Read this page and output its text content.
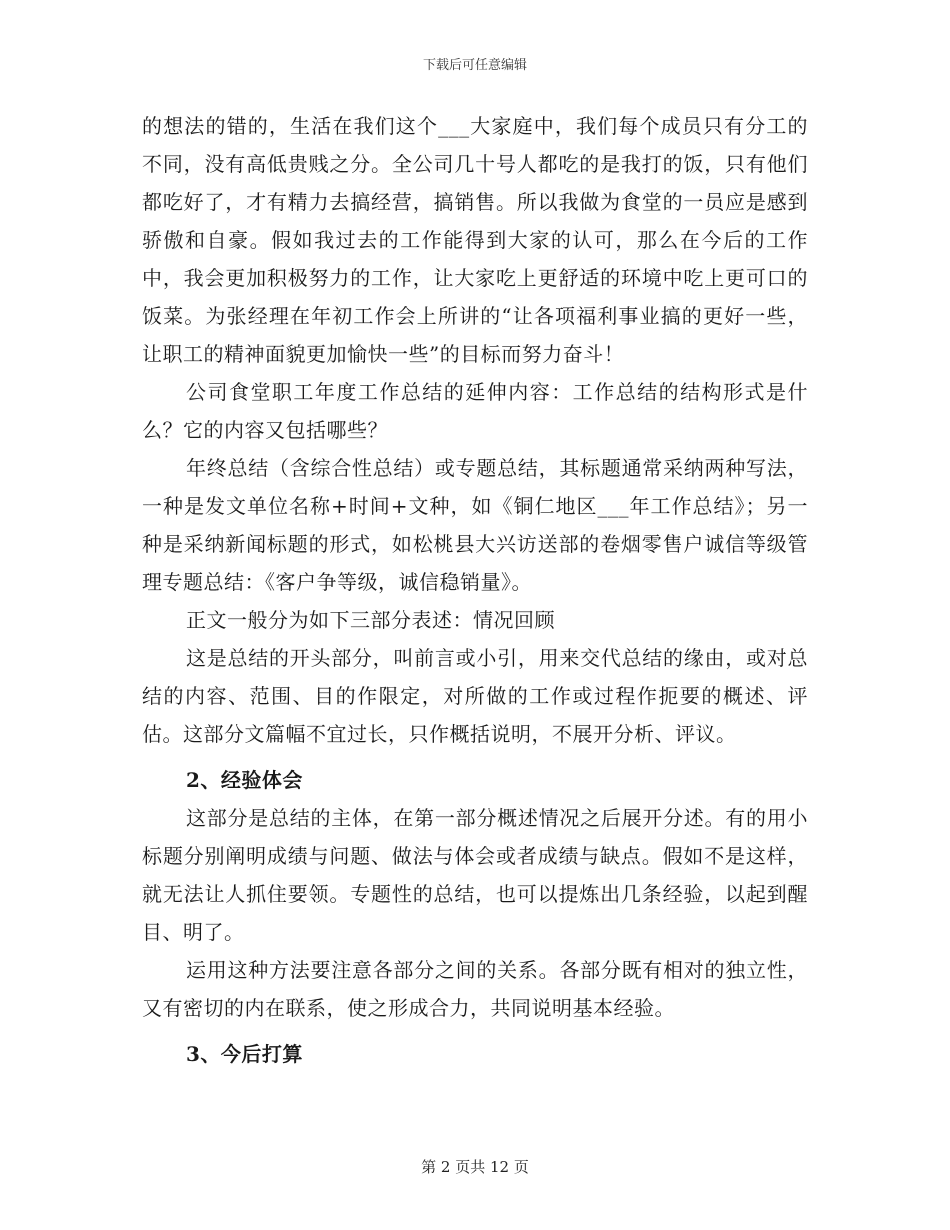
下载后可任意编辑

的想法的错的，生活在我们这个___大家庭中，我们每个成员只有分工的不同，没有高低贵贱之分。全公司几十号人都吃的是我打的饭，只有他们都吃好了，才有精力去搞经营，搞销售。所以我做为食堂的一员应是感到骄傲和自豪。假如我过去的工作能得到大家的认可，那么在今后的工作中，我会更加积极努力的工作，让大家吃上更舒适的环境中吃上更可口的饭菜。为张经理在年初工作会上所讲的“让各项福利事业搞的更好一些，让职工的精神面貌更加愉快一些”的目标而努力奋斗！

公司食堂职工年度工作总结的延伸内容：工作总结的结构形式是什么？它的内容又包括哪些？

年终总结（含综合性总结）或专题总结，其标题通常采纳两种写法，一种是发文单位名称+时间+文种，如《铜仁地区___年工作总结》；另一种是采纳新闻标题的形式，如松桃县大兴访送部的卷烟零售户诚信等级管理专题总结：《客户争等级，诚信稳销量》。

正文一般分为如下三部分表述：情况回顾

这是总结的开头部分，叫前言或小引，用来交代总结的缘由，或对总结的内容、范围、目的作限定，对所做的工作或过程作扼要的概述、评估。这部分文篇幅不宜过长，只作概括说明，不展开分析、评议。

2、经验体会

这部分是总结的主体，在第一部分概述情况之后展开分述。有的用小标题分别阐明成绩与问题、做法与体会或者成绩与缺点。假如不是这样，就无法让人抓住要领。专题性的总结，也可以提炼出几条经验，以起到醒目、明了。

运用这种方法要注意各部分之间的关系。各部分既有相对的独立性，又有密切的内在联系，使之形成合力，共同说明基本经验。

3、今后打算

第 2 页共 12 页
